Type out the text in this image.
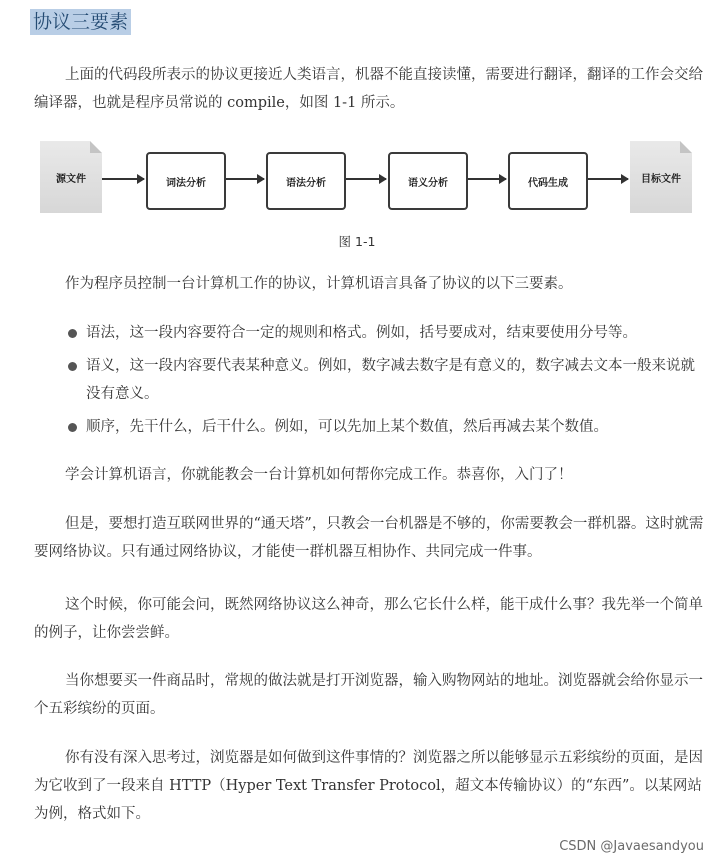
协议三要素

上面的代码段所表示的协议更接近人类语言，机器不能直接读懂，需要进行翻译，翻译的工作会交给编译器，也就是程序员常说的 compile，如图 1-1 所示。

源文件	词法分析	语法分析	语义分析	代码生成	目标文件
图 1-1

作为程序员控制一台计算机工作的协议，计算机语言具备了协议的以下三要素。

语法，这一段内容要符合一定的规则和格式。例如，括号要成对，结束要使用分号等。
语义，这一段内容要代表某种意义。例如，数字减去数字是有意义的，数字减去文本一般来说就没有意义。
顺序，先干什么，后干什么。例如，可以先加上某个数值，然后再减去某个数值。

学会计算机语言，你就能教会一台计算机如何帮你完成工作。恭喜你，入门了！

但是，要想打造互联网世界的“通天塔”，只教会一台机器是不够的，你需要教会一群机器。这时就需要网络协议。只有通过网络协议，才能使一群机器互相协作、共同完成一件事。

这个时候，你可能会问，既然网络协议这么神奇，那么它长什么样，能干成什么事？我先举一个简单的例子，让你尝尝鲜。

当你想要买一件商品时，常规的做法就是打开浏览器，输入购物网站的地址。浏览器就会给你显示一个五彩缤纷的页面。

你有没有深入思考过，浏览器是如何做到这件事情的？浏览器之所以能够显示五彩缤纷的页面，是因为它收到了一段来自 HTTP（Hyper Text Transfer Protocol，超文本传输协议）的“东西”。以某网站为例，格式如下。

CSDN @Javaesandyou
